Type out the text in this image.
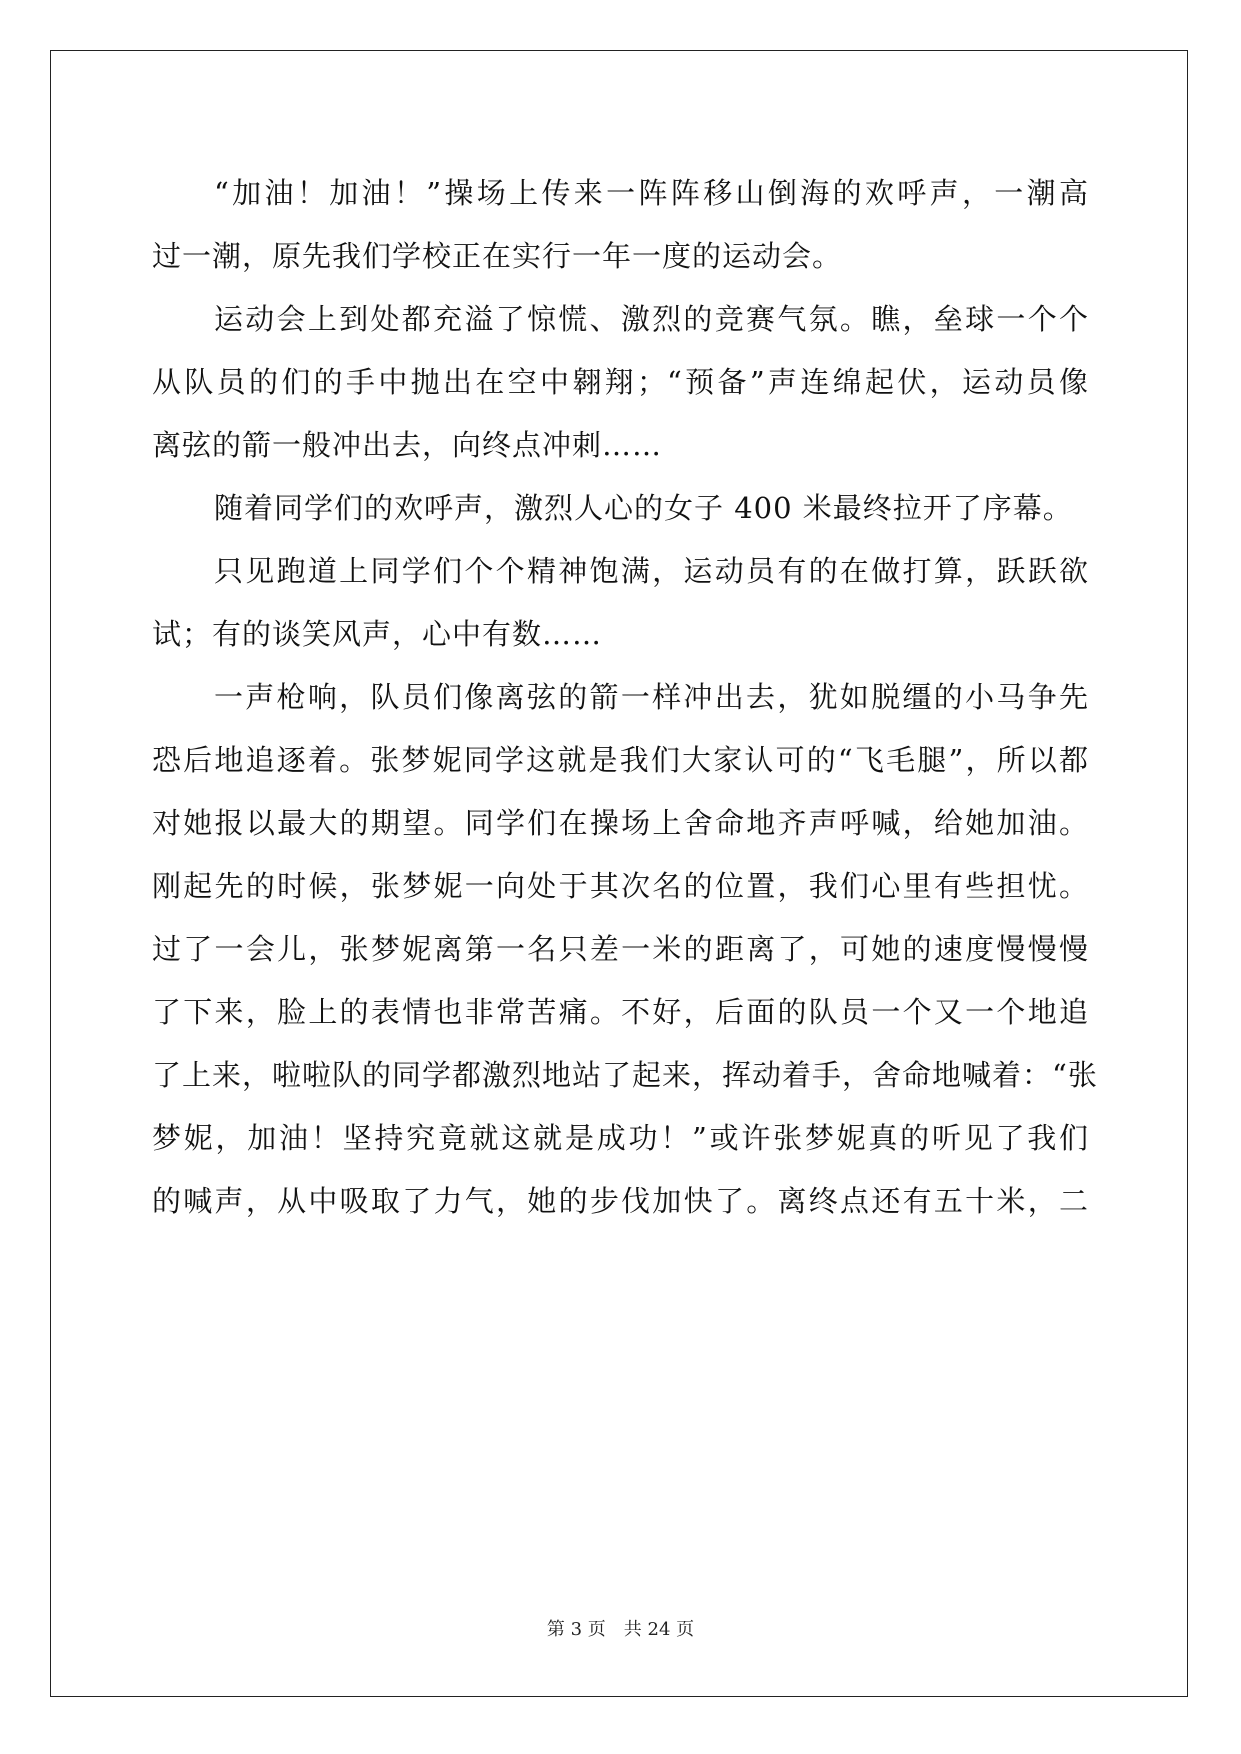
“加油！加油！”操场上传来一阵阵移山倒海的欢呼声，一潮高
过一潮，原先我们学校正在实行一年一度的运动会。
运动会上到处都充溢了惊慌、激烈的竞赛气氛。瞧，垒球一个个
从队员的们的手中抛出在空中翱翔；“预备”声连绵起伏，运动员像
离弦的箭一般冲出去，向终点冲刺……
随着同学们的欢呼声，激烈人心的女子 400 米最终拉开了序幕。
只见跑道上同学们个个精神饱满，运动员有的在做打算，跃跃欲
试；有的谈笑风声，心中有数……
一声枪响，队员们像离弦的箭一样冲出去，犹如脱缰的小马争先
恐后地追逐着。张梦妮同学这就是我们大家认可的“飞毛腿”，所以都
对她报以最大的期望。同学们在操场上舍命地齐声呼喊，给她加油。
刚起先的时候，张梦妮一向处于其次名的位置，我们心里有些担忧。
过了一会儿，张梦妮离第一名只差一米的距离了，可她的速度慢慢慢
了下来，脸上的表情也非常苦痛。不好，后面的队员一个又一个地追
了上来，啦啦队的同学都激烈地站了起来，挥动着手，舍命地喊着：“张
梦妮，加油！坚持究竟就这就是成功！”或许张梦妮真的听见了我们
的喊声，从中吸取了力气，她的步伐加快了。离终点还有五十米，二
第 3 页　共 24 页
